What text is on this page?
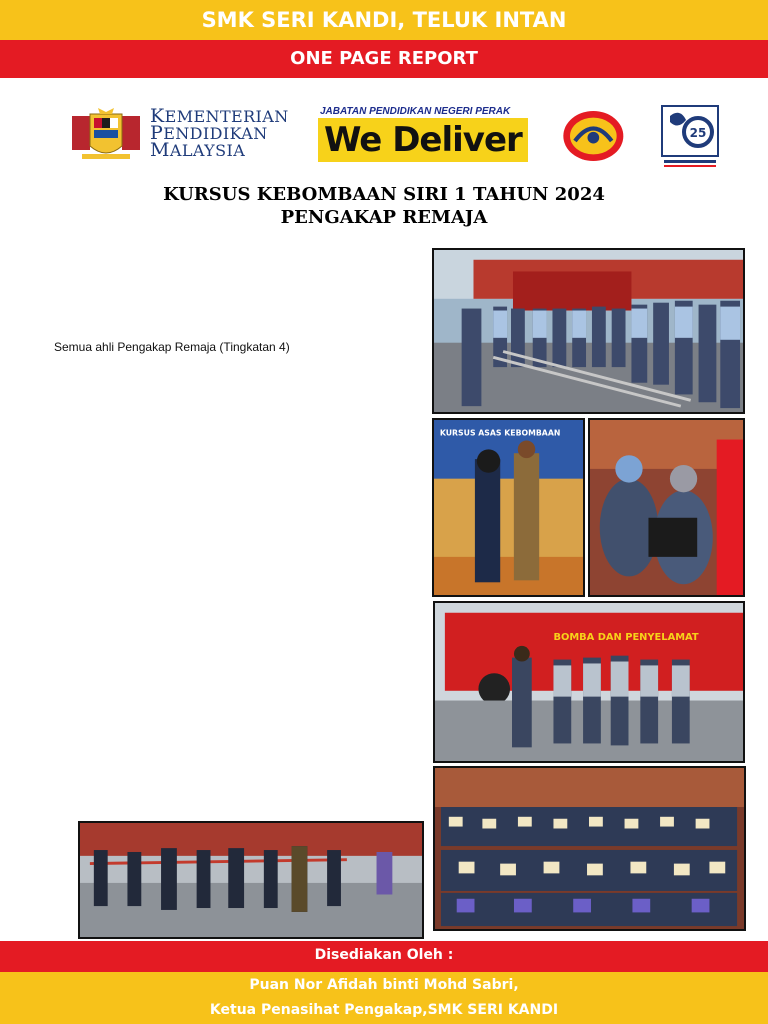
SMK SERI KANDI, TELUK INTAN
ONE PAGE REPORT
KEMENTERIAN
PENDIDIKAN
MALAYSIA
JABATAN PENDIDIKAN NEGERI PERAK
We Deliver	25
KURSUS KEBOMBAAN SIRI 1 TAHUN 2024
PENGAKAP REMAJA
Semua ahli Pengakap Remaja (Tingkatan 4)
KURSUS ASAS KEBOMBAAN
BOMBA DAN PENYELAMAT
Disediakan Oleh :
Puan Nor Afidah binti Mohd Sabri,
Ketua Penasihat Pengakap,SMK SERI KANDI
